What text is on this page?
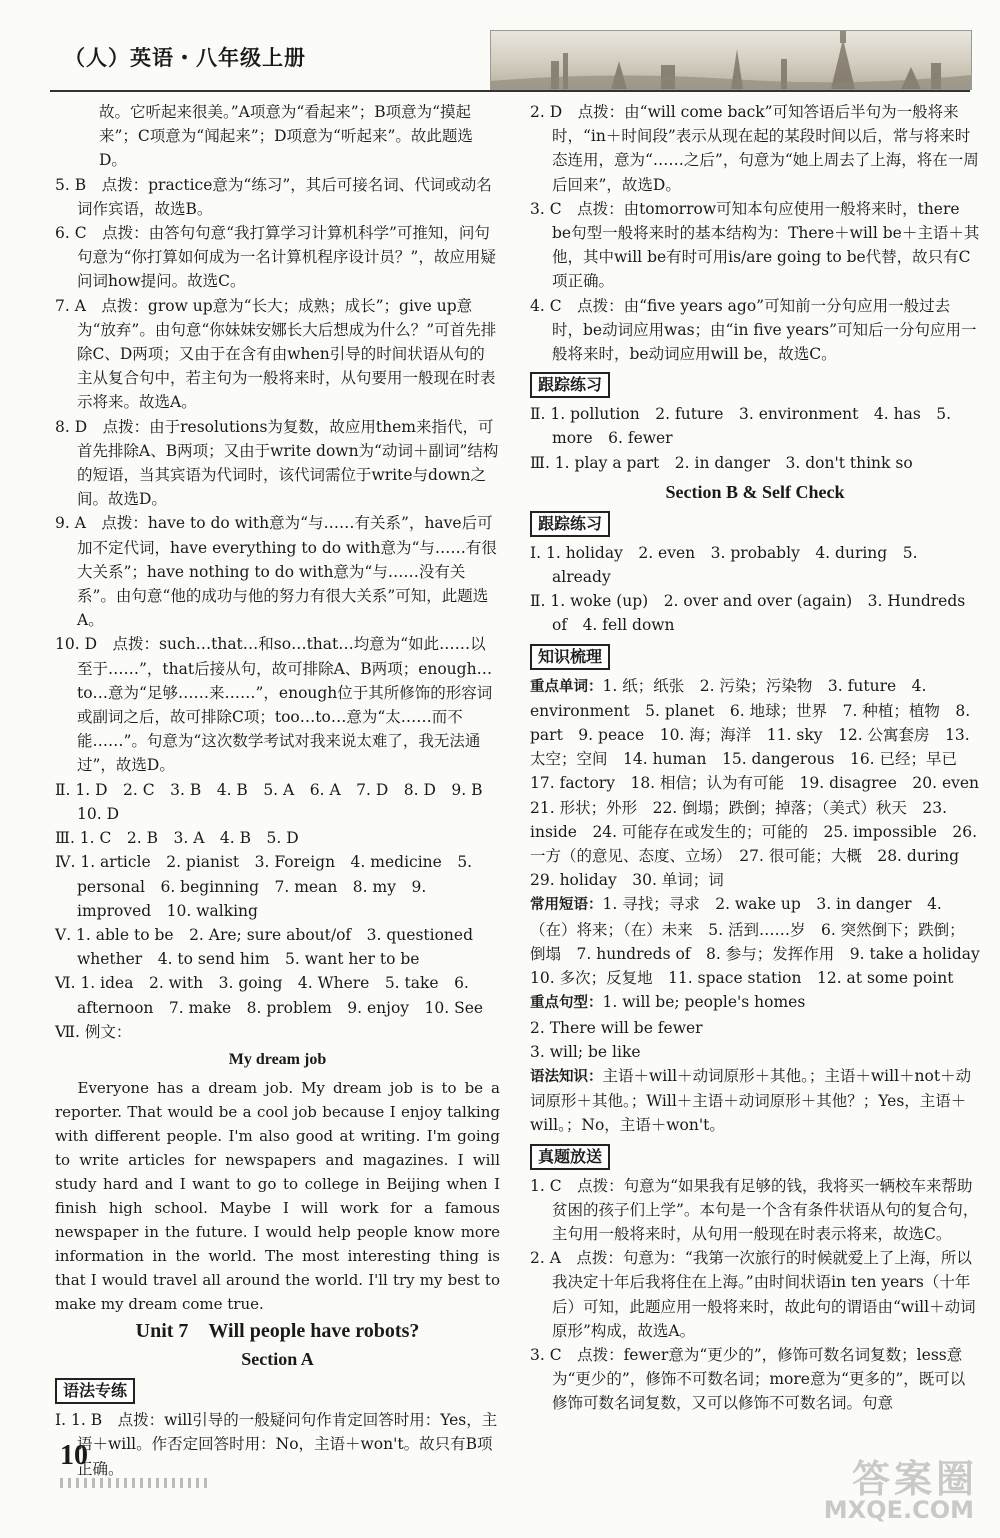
（人）英语・八年级上册

故。它听起来很美。”A项意为“看起来”；B项意为“摸起来”；C项意为“闻起来”；D项意为“听起来”。故此题选D。

5. B　点拨：practice意为“练习”，其后可接名词、代词或动名词作宾语，故选B。

6. C　点拨：由答句句意“我打算学习计算机科学”可推知，问句句意为“你打算如何成为一名计算机程序设计员？”，故应用疑问词how提问。故选C。

7. A　点拨：grow up意为“长大；成熟；成长”；give up意为“放弃”。由句意“你妹妹安娜长大后想成为什么？”可首先排除C、D两项；又由于在含有由when引导的时间状语从句的主从复合句中，若主句为一般将来时，从句要用一般现在时表示将来。故选A。

8. D　点拨：由于resolutions为复数，故应用them来指代，可首先排除A、B两项；又由于write down为“动词＋副词”结构的短语，当其宾语为代词时，该代词需位于write与down之间。故选D。

9. A　点拨：have to do with意为“与……有关系”，have后可加不定代词，have everything to do with意为“与……有很大关系”；have nothing to do with意为“与……没有关系”。由句意“他的成功与他的努力有很大关系”可知，此题选A。

10. D　点拨：such…that…和so…that…均意为“如此……以至于……”，that后接从句，故可排除A、B两项；enough…to…意为“足够……来……”，enough位于其所修饰的形容词或副词之后，故可排除C项；too…to…意为“太……而不能……”。句意为“这次数学考试对我来说太难了，我无法通过”，故选D。

Ⅱ. 1. D　2. C　3. B　4. B　5. A　6. A　7. D　8. D　9. B　10. D

Ⅲ. 1. C　2. B　3. A　4. B　5. D

Ⅳ. 1. article　2. pianist　3. Foreign　4. medicine　5. personal　6. beginning　7. mean　8. my　9. improved　10. walking

Ⅴ. 1. able to be　2. Are; sure about/of　3. questioned whether　4. to send him　5. want her to be

Ⅵ. 1. idea　2. with　3. going　4. Where　5. take　6. afternoon　7. make　8. problem　9. enjoy　10. See

Ⅶ. 例文：

My dream job

Everyone has a dream job. My dream job is to be a reporter. That would be a cool job because I enjoy talking with different people. I'm also good at writing. I'm going to write articles for newspapers and magazines. I will study hard and I want to go to college in Beijing when I finish high school. Maybe I will work for a famous newspaper in the future. I would help people know more information in the world. The most interesting thing is that I would travel all around the world. I'll try my best to make my dream come true.

Unit 7　Will people have robots?

Section A

语法专练

Ⅰ. 1. B　点拨：will引导的一般疑问句作肯定回答时用：Yes，主语＋will。作否定回答时用：No，主语＋won't。故只有B项正确。

2. D　点拨：由“will come back”可知答语后半句为一般将来时，“in＋时间段”表示从现在起的某段时间以后，常与将来时态连用，意为“……之后”，句意为“她上周去了上海，将在一周后回来”，故选D。

3. C　点拨：由tomorrow可知本句应使用一般将来时，there be句型一般将来时的基本结构为：There＋will be＋主语＋其他，其中will be有时可用is/are going to be代替，故只有C项正确。

4. C　点拨：由“five years ago”可知前一分句应用一般过去时，be动词应用was；由“in five years”可知后一分句应用一般将来时，be动词应用will be，故选C。

跟踪练习

Ⅱ. 1. pollution　2. future　3. environment　4. has　5. more　6. fewer

Ⅲ. 1. play a part　2. in danger　3. don't think so

Section B & Self Check

跟踪练习

Ⅰ. 1. holiday　2. even　3. probably　4. during　5. already

Ⅱ. 1. woke (up)　2. over and over (again)　3. Hundreds of　4. fell down

知识梳理

重点单词：1. 纸；纸张　2. 污染；污染物　3. future　4. environment　5. planet　6. 地球；世界　7. 种植；植物　8. part　9. peace　10. 海；海洋　11. sky　12. 公寓套房　13. 太空；空间　14. human　15. dangerous　16. 已经；早已　17. factory　18. 相信；认为有可能　19. disagree　20. even　21. 形状；外形　22. 倒塌；跌倒；掉落；（美式）秋天　23. inside　24. 可能存在或发生的；可能的　25. impossible　26. 一方（的意见、态度、立场）　27. 很可能；大概　28. during　29. holiday　30. 单词；词

常用短语：1. 寻找；寻求　2. wake up　3. in danger　4.（在）将来；（在）未来　5. 活到……岁　6. 突然倒下；跌倒；倒塌　7. hundreds of　8. 参与；发挥作用　9. take a holiday　10. 多次；反复地　11. space station　12. at some point

重点句型：1. will be; people's homes

2. There will be fewer

3. will; be like

语法知识：主语＋will＋动词原形＋其他。；主语＋will＋not＋动词原形＋其他。；Will＋主语＋动词原形＋其他？；Yes，主语＋will。；No，主语＋won't。

真题放送

1. C　点拨：句意为“如果我有足够的钱，我将买一辆校车来帮助贫困的孩子们上学”。本句是一个含有条件状语从句的复合句，主句用一般将来时，从句用一般现在时表示将来，故选C。

2. A　点拨：句意为：“我第一次旅行的时候就爱上了上海，所以我决定十年后我将住在上海。”由时间状语in ten years（十年后）可知，此题应用一般将来时，故此句的谓语由“will＋动词原形”构成，故选A。

3. C　点拨：fewer意为“更少的”，修饰可数名词复数；less意为“更少的”，修饰不可数名词；more意为“更多的”，既可以修饰可数名词复数，又可以修饰不可数名词。句意

10
答案圈
MXQE.COM
